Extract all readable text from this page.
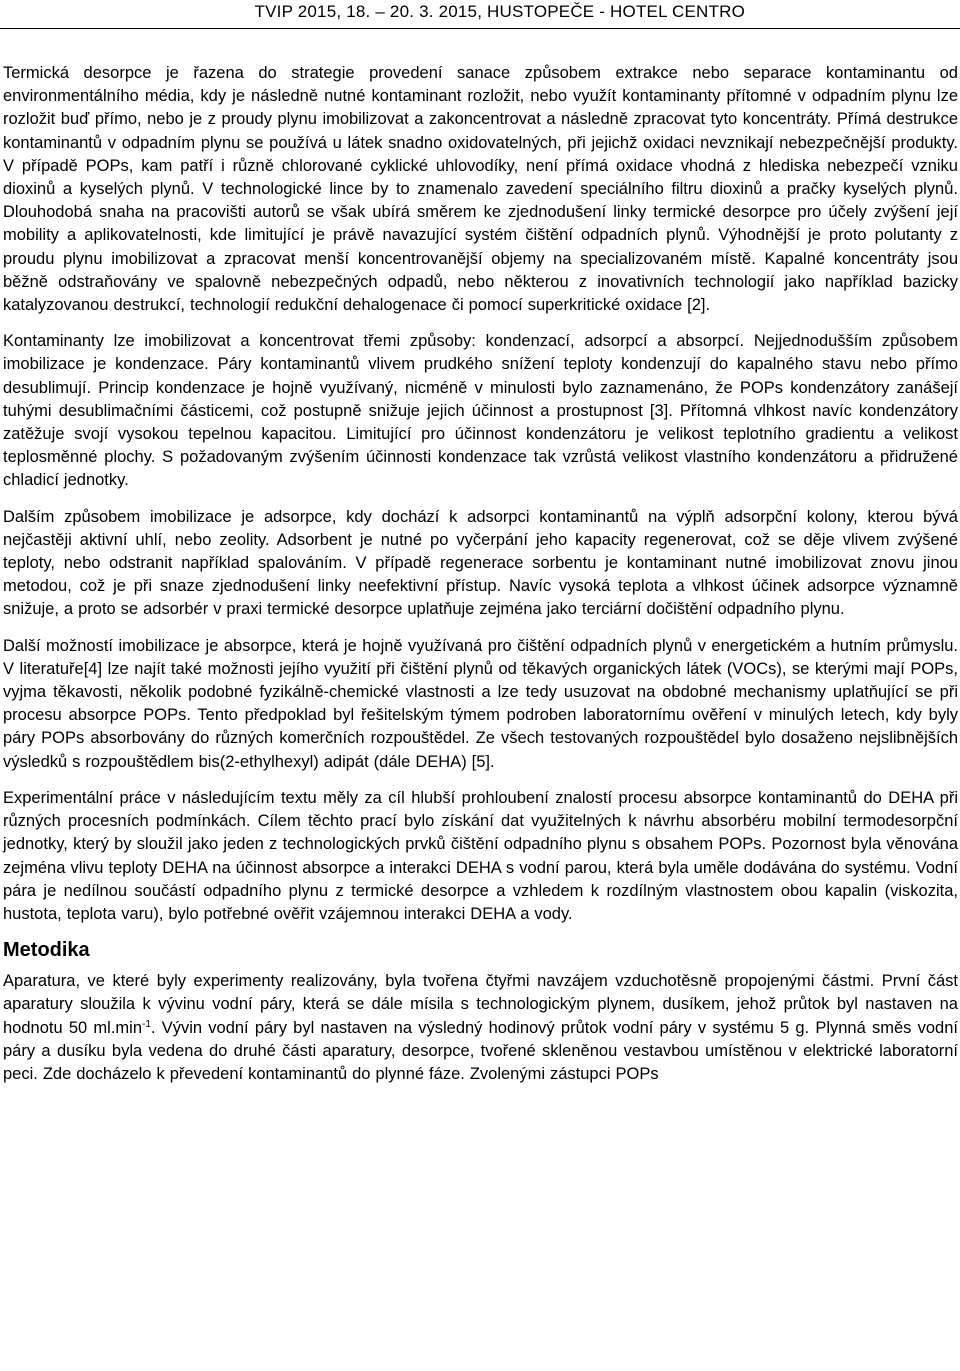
TVIP 2015, 18. – 20. 3. 2015, HUSTOPEČE - HOTEL CENTRO

Termická desorpce je řazena do strategie provedení sanace způsobem extrakce nebo separace kontaminantu od environmentálního média, kdy je následně nutné kontaminant rozložit, nebo využít kontaminanty přítomné v odpadním plynu lze rozložit buď přímo, nebo je z proudy plynu imobilizovat a zakoncentrovat a následně zpracovat tyto koncentráty. Přímá destrukce kontaminantů v odpadním plynu se používá u látek snadno oxidovatelných, při jejichž oxidaci nevznikají nebezpečnější produkty. V případě POPs, kam patří i různě chlorované cyklické uhlovodíky, není přímá oxidace vhodná z hlediska nebezpečí vzniku dioxinů a kyselých plynů. V technologické lince by to znamenalo zavedení speciálního filtru dioxinů a pračky kyselých plynů. Dlouhodobá snaha na pracovišti autorů se však ubírá směrem ke zjednodušení linky termické desorpce pro účely zvýšení její mobility a aplikovatelnosti, kde limitující je právě navazující systém čištění odpadních plynů. Výhodnější je proto polutanty z proudu plynu imobilizovat a zpracovat menší koncentrovanější objemy na specializovaném místě. Kapalné koncentráty jsou běžně odstraňovány ve spalovně nebezpečných odpadů, nebo některou z inovativních technologií jako například bazicky katalyzovanou destrukcí, technologií redukční dehalogenace či pomocí superkritické oxidace [2].

Kontaminanty lze imobilizovat a koncentrovat třemi způsoby: kondenzací, adsorpcí a absorpcí. Nejjednodušším způsobem imobilizace je kondenzace. Páry kontaminantů vlivem prudkého snížení teploty kondenzují do kapalného stavu nebo přímo desublimují. Princip kondenzace je hojně využívaný, nicméně v minulosti bylo zaznamenáno, že POPs kondenzátory zanášejí tuhými desublimačními částicemi, což postupně snižuje jejich účinnost a prostupnost [3]. Přítomná vlhkost navíc kondenzátory zatěžuje svojí vysokou tepelnou kapacitou. Limitující pro účinnost kondenzátoru je velikost teplotního gradientu a velikost teplosměnné plochy. S požadovaným zvýšením účinnosti kondenzace tak vzrůstá velikost vlastního kondenzátoru a přidružené chladicí jednotky.

Dalším způsobem imobilizace je adsorpce, kdy dochází k adsorpci kontaminantů na výplň adsorpční kolony, kterou bývá nejčastěji aktivní uhlí, nebo zeolity. Adsorbent je nutné po vyčerpání jeho kapacity regenerovat, což se děje vlivem zvýšené teploty, nebo odstranit například spalováním. V případě regenerace sorbentu je kontaminant nutné imobilizovat znovu jinou metodou, což je při snaze zjednodušení linky neefektivní přístup. Navíc vysoká teplota a vlhkost účinek adsorpce významně snižuje, a proto se adsorbér v praxi termické desorpce uplatňuje zejména jako terciární dočištění odpadního plynu.

Další možností imobilizace je absorpce, která je hojně využívaná pro čištění odpadních plynů v energetickém a hutním průmyslu. V literatuře[4] lze najít také možnosti jejího využití při čištění plynů od těkavých organických látek (VOCs), se kterými mají POPs, vyjma těkavosti, několik podobné fyzikálně-chemické vlastnosti a lze tedy usuzovat na obdobné mechanismy uplatňující se při procesu absorpce POPs. Tento předpoklad byl řešitelským týmem podroben laboratornímu ověření v minulých letech, kdy byly páry POPs absorbovány do různých komerčních rozpouštědel. Ze všech testovaných rozpouštědel bylo dosaženo nejslibnějších výsledků s rozpouštědlem bis(2-ethylhexyl) adipát (dále DEHA) [5].

Experimentální práce v následujícím textu měly za cíl hlubší prohloubení znalostí procesu absorpce kontaminantů do DEHA při různých procesních podmínkách. Cílem těchto prací bylo získání dat využitelných k návrhu absorbéru mobilní termodesorpční jednotky, který by sloužil jako jeden z technologických prvků čištění odpadního plynu s obsahem POPs. Pozornost byla věnována zejména vlivu teploty DEHA na účinnost absorpce a interakci DEHA s vodní parou, která byla uměle dodávána do systému. Vodní pára je nedílnou součástí odpadního plynu z termické desorpce a vzhledem k rozdílným vlastnostem obou kapalin (viskozita, hustota, teplota varu), bylo potřebné ověřit vzájemnou interakci DEHA a vody.

Metodika

Aparatura, ve které byly experimenty realizovány, byla tvořena čtyřmi navzájem vzduchotěsně propojenými částmi. První část aparatury sloužila k vývinu vodní páry, která se dále mísila s technologickým plynem, dusíkem, jehož průtok byl nastaven na hodnotu 50 $ml.\min^{-1}$. Vývin vodní páry byl nastaven na výsledný hodinový průtok vodní páry v systému 5 g. Plynná směs vodní páry a dusíku byla vedena do druhé části aparatury, desorpce, tvořené skleněnou vestavbou umístěnou v elektrické laboratorní peci. Zde docházelo k převedení kontaminantů do plynné fáze. Zvolenými zástupci POPs
